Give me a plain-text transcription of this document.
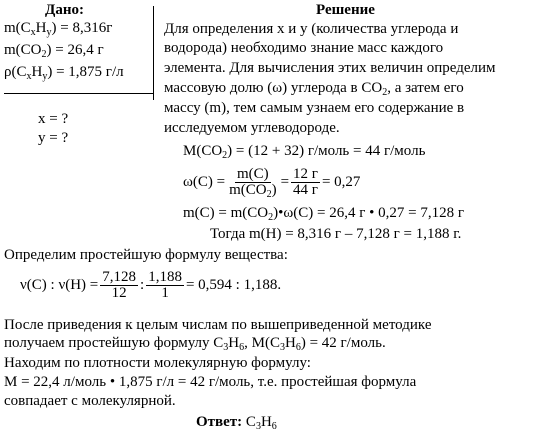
Дано:
$m(C_xH_y) = 8,316г$
$m(CO_2) = 26,4$ г
$\rho(C_xH_y) = 1,875$ г/л
x = ?
y = ?
Решение
Для определения х и у (количества углерода и
водорода) необходимо знание масс каждого
элемента. Для вычисления этих величин определим
массовую долю (ω) углерода в $CO_2$, а затем его
массу (m), тем самым узнаем его содержание в
исследуемом углеводороде.
$M(CO_2) = (12 + 32)$ г/моль = 44 г/моль
$\omega(C) = \frac{m(C)}{m(CO_2)} = \frac{12 г}{44 г} = 0,27$
$m(C) = m(CO_2)•\omega(C) = 26,4$ г • 0,27 = 7,128 г
Тогда m(H) = 8,316 г – 7,128 г = 1,188 г.
Определим простейшую формулу вещества:
ν(C) : $\nu(H) = \frac{7,128}{12}$ : $\frac{1,188}{1} = 0,594$ : 1,188.
После приведения к целым числам по вышеприведенной методике
получаем простейшую формулу $C_3H_6$, $M(C_3H_6) = 42$ г/моль.
Находим по плотности молекулярную формулу:
M = 22,4 л/моль • 1,875 г/л = 42 г/моль, т.е. простейшая формула
совпадает с молекулярной.
Ответ: $C_3H_6$
